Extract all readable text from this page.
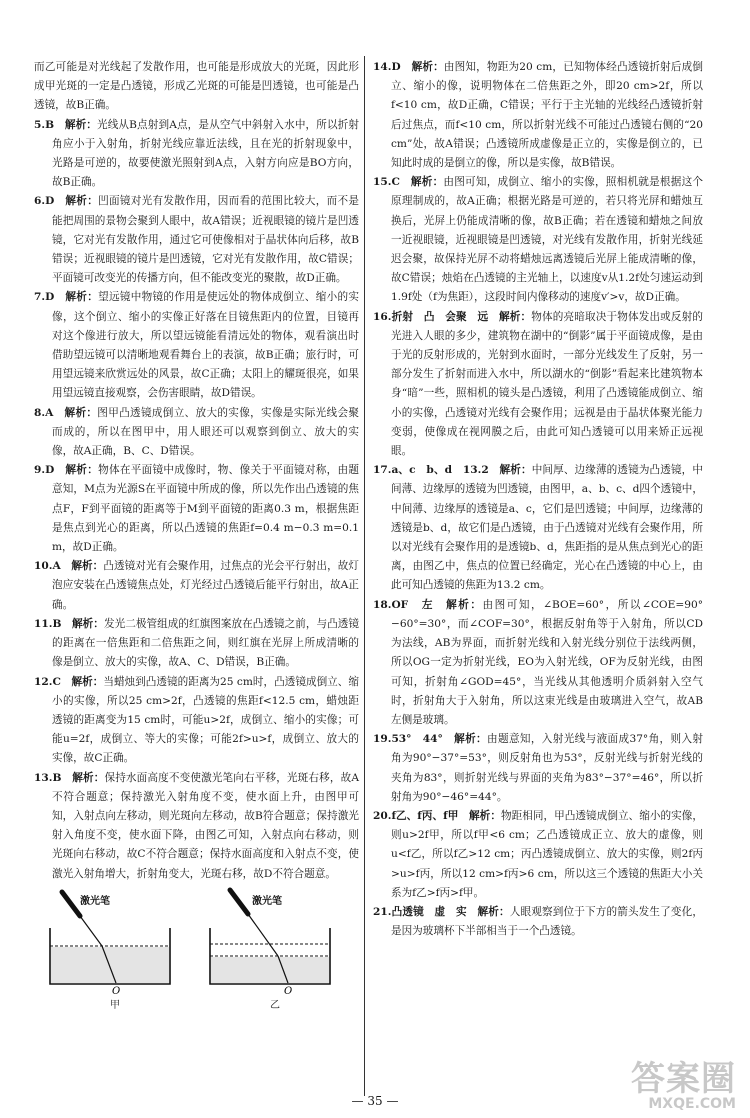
而乙可能是对光线起了发散作用，也可能是形成放大的光斑，因此形成甲光斑的一定是凸透镜，形成乙光斑的可能是凹透镜，也可能是凸透镜，故B正确。

5.B　解析：光线从B点射到A点，是从空气中斜射入水中，所以折射角应小于入射角，折射光线应靠近法线，且在光的折射现象中，光路是可逆的，故要使激光照射到A点，入射方向应是BO方向，故B正确。

6.D　解析：凹面镜对光有发散作用，因而看的范围比较大，而不是能把周围的景物会聚到人眼中，故A错误；近视眼镜的镜片是凹透镜，它对光有发散作用，通过它可使像相对于晶状体向后移，故B错误；近视眼镜的镜片是凹透镜，它对光有发散作用，故C错误；平面镜可改变光的传播方向，但不能改变光的聚散，故D正确。

7.D　解析：望远镜中物镜的作用是使远处的物体成倒立、缩小的实像，这个倒立、缩小的实像正好落在目镜焦距内的位置，目镜再对这个像进行放大，所以望远镜能看清远处的物体，观看演出时借助望远镜可以清晰地观看舞台上的表演，故B正确；旅行时，可用望远镜来欣赏远处的风景，故C正确；太阳上的耀斑很亮，如果用望远镜直接观察，会伤害眼睛，故D错误。

8.A　解析：图甲凸透镜成倒立、放大的实像，实像是实际光线会聚而成的，所以在图甲中，用人眼还可以观察到倒立、放大的实像，故A正确，B、C、D错误。

9.D　解析：物体在平面镜中成像时，物、像关于平面镜对称，由题意知，M点为光源S在平面镜中所成的像，所以先作出凸透镜的焦点F，F到平面镜的距离等于M到平面镜的距离0.3 m，根据焦距是焦点到光心的距离，所以凸透镜的焦距f=0.4 m−0.3 m=0.1 m，故D正确。

10.A　解析：凸透镜对光有会聚作用，过焦点的光会平行射出，故灯泡应安装在凸透镜焦点处，灯光经过凸透镜后能平行射出，故A正确。

11.B　解析：发光二极管组成的红旗图案放在凸透镜之前，与凸透镜的距离在一倍焦距和二倍焦距之间，则红旗在光屏上所成清晰的像是倒立、放大的实像，故A、C、D错误，B正确。

12.C　解析：当蜡烛到凸透镜的距离为25 cm时，凸透镜成倒立、缩小的实像，所以25 cm>2f，凸透镜的焦距f<12.5 cm，蜡烛距透镜的距离变为15 cm时，可能u>2f，成倒立、缩小的实像；可能u=2f，成倒立、等大的实像；可能2f>u>f，成倒立、放大的实像，故C正确。

13.B　解析：保持水面高度不变使激光笔向右平移，光斑右移，故A不符合题意；保持激光入射角度不变，使水面上升，由图甲可知，入射点向左移动，则光斑向左移动，故B符合题意；保持激光射入角度不变，使水面下降，由图乙可知，入射点向右移动，则光斑向右移动，故C不符合题意；保持水面高度和入射点不变，使激光入射角增大，折射角变大，光斑右移，故D不符合题意。

激光笔
O
甲
激光笔
O
乙

14.D　解析：由图知，物距为20 cm，已知物体经凸透镜折射后成倒立、缩小的像，说明物体在二倍焦距之外，即20 cm>2f，所以f<10 cm，故D正确，C错误；平行于主光轴的光线经凸透镜折射后过焦点，而f<10 cm，所以折射光线不可能过凸透镜右侧的“20 cm”处，故A错误；凸透镜所成虚像是正立的，实像是倒立的，已知此时成的是倒立的像，所以是实像，故B错误。

15.C　解析：由图可知，成倒立、缩小的实像，照相机就是根据这个原理制成的，故A正确；根据光路是可逆的，若只将光屏和蜡烛互换后，光屏上仍能成清晰的像，故B正确；若在透镜和蜡烛之间放一近视眼镜，近视眼镜是凹透镜，对光线有发散作用，折射光线延迟会聚，故保持光屏不动将蜡烛远离透镜后光屏上能成清晰的像，故C错误；烛焰在凸透镜的主光轴上，以速度v从1.2f处匀速运动到1.9f处（f为焦距），这段时间内像移动的速度v′>v，故D正确。

16.折射　凸　会聚　远　解析：物体的亮暗取决于物体发出或反射的光进入人眼的多少，建筑物在湖中的“倒影”属于平面镜成像，是由于光的反射形成的，光射到水面时，一部分光线发生了反射，另一部分发生了折射而进入水中，所以湖水的“倒影”看起来比建筑物本身“暗”一些，照相机的镜头是凸透镜，利用了凸透镜能成倒立、缩小的实像，凸透镜对光线有会聚作用；远视是由于晶状体聚光能力变弱，使像成在视网膜之后，由此可知凸透镜可以用来矫正远视眼。

17.a、c　b、d　13.2　解析：中间厚、边缘薄的透镜为凸透镜，中间薄、边缘厚的透镜为凹透镜，由图甲，a、b、c、d四个透镜中，中间薄、边缘厚的透镜是a、c，它们是凹透镜；中间厚，边缘薄的透镜是b、d，故它们是凸透镜，由于凸透镜对光线有会聚作用，所以对光线有会聚作用的是透镜b、d，焦距指的是从焦点到光心的距离，由图乙中，焦点的位置已经确定，光心在凸透镜的中心上，由此可知凸透镜的焦距为13.2 cm。

18.OF　左　解析：由图可知，∠BOE=60°，所以∠COE=90°−60°=30°，而∠COF=30°，根据反射角等于入射角，所以CD为法线，AB为界面，而折射光线和入射光线分别位于法线两侧，所以OG一定为折射光线，EO为入射光线，OF为反射光线，由图可知，折射角∠GOD=45°，当光线从其他透明介质斜射入空气时，折射角大于入射角，所以这束光线是由玻璃进入空气，故AB左侧是玻璃。

19.53°　44°　解析：由题意知，入射光线与液面成37°角，则入射角为90°−37°=53°，则反射角也为53°，反射光线与折射光线的夹角为83°，则折射光线与界面的夹角为83°−37°=46°，所以折射角为90°−46°=44°。

20.f乙、f丙、f甲　解析：物距相同，甲凸透镜成倒立、缩小的实像，则u>2f甲，所以f甲<6 cm；乙凸透镜成正立、放大的虚像，则u<f乙，所以f乙>12 cm；丙凸透镜成倒立、放大的实像，则2f丙>u>f丙，所以12 cm>f丙>6 cm，所以这三个透镜的焦距大小关系为f乙>f丙>f甲。

21.凸透镜　虚　实　解析：人眼观察到位于下方的箭头发生了变化，是因为玻璃杯下半部相当于一个凸透镜。

— 35 —
答案圈
MXQE.COM
